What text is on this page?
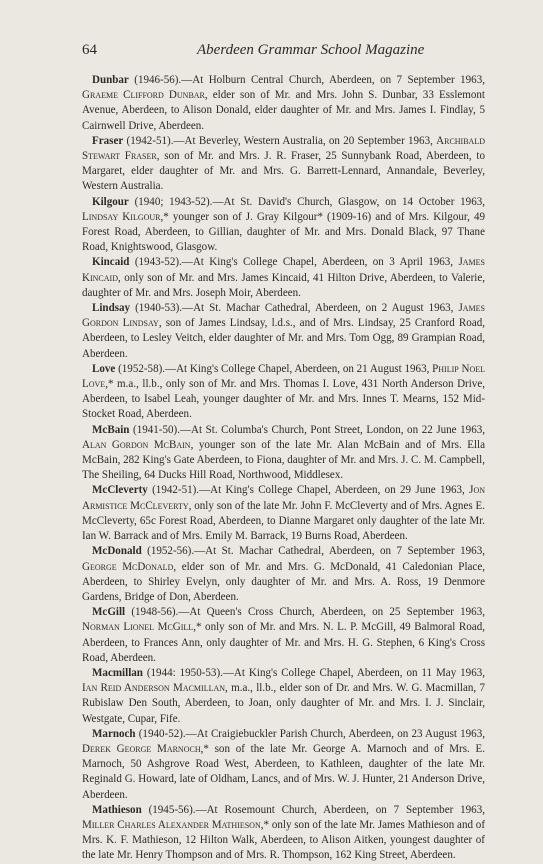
64	Aberdeen Grammar School Magazine

Dunbar (1946-56).—At Holburn Central Church, Aberdeen, on 7 September 1963, Graeme Clifford Dunbar, elder son of Mr. and Mrs. John S. Dunbar, 33 Esslemont Avenue, Aberdeen, to Alison Donald, elder daughter of Mr. and Mrs. James I. Findlay, 5 Cairnwell Drive, Aberdeen.

Fraser (1942-51).—At Beverley, Western Australia, on 20 September 1963, Archibald Stewart Fraser, son of Mr. and Mrs. J. R. Fraser, 25 Sunnybank Road, Aberdeen, to Margaret, elder daughter of Mr. and Mrs. G. Barrett-Lennard, Annandale, Beverley, Western Australia.

Kilgour (1940; 1943-52).—At St. David's Church, Glasgow, on 14 October 1963, Lindsay Kilgour,* younger son of J. Gray Kilgour* (1909-16) and of Mrs. Kilgour, 49 Forest Road, Aberdeen, to Gillian, daughter of Mr. and Mrs. Donald Black, 97 Thane Road, Knightswood, Glasgow.

Kincaid (1943-52).—At King's College Chapel, Aberdeen, on 3 April 1963, James Kincaid, only son of Mr. and Mrs. James Kincaid, 41 Hilton Drive, Aberdeen, to Valerie, daughter of Mr. and Mrs. Joseph Moir, Aberdeen.

Lindsay (1940-53).—At St. Machar Cathedral, Aberdeen, on 2 August 1963, James Gordon Lindsay, son of James Lindsay, l.d.s., and of Mrs. Lindsay, 25 Cranford Road, Aberdeen, to Lesley Veitch, elder daughter of Mr. and Mrs. Tom Ogg, 89 Grampian Road, Aberdeen.

Love (1952-58).—At King's College Chapel, Aberdeen, on 21 August 1963, Philip Noel Love,* m.a., ll.b., only son of Mr. and Mrs. Thomas I. Love, 431 North Anderson Drive, Aberdeen, to Isabel Leah, younger daughter of Mr. and Mrs. Innes T. Mearns, 152 Mid-Stocket Road, Aberdeen.

McBain (1941-50).—At St. Columba's Church, Pont Street, London, on 22 June 1963, Alan Gordon McBain, younger son of the late Mr. Alan McBain and of Mrs. Ella McBain, 282 King's Gate Aberdeen, to Fiona, daughter of Mr. and Mrs. J. C. M. Campbell, The Sheiling, 64 Ducks Hill Road, Northwood, Middlesex.

McCleverty (1942-51).—At King's College Chapel, Aberdeen, on 29 June 1963, Jon Armistice McCleverty, only son of the late Mr. John F. McCleverty and of Mrs. Agnes E. McCleverty, 65c Forest Road, Aberdeen, to Dianne Margaret only daughter of the late Mr. Ian W. Barrack and of Mrs. Emily M. Barrack, 19 Burns Road, Aberdeen.

McDonald (1952-56).—At St. Machar Cathedral, Aberdeen, on 7 September 1963, George McDonald, elder son of Mr. and Mrs. G. McDonald, 41 Caledonian Place, Aberdeen, to Shirley Evelyn, only daughter of Mr. and Mrs. A. Ross, 19 Denmore Gardens, Bridge of Don, Aberdeen.

McGill (1948-56).—At Queen's Cross Church, Aberdeen, on 25 September 1963, Norman Lionel McGill,* only son of Mr. and Mrs. N. L. P. McGill, 49 Balmoral Road, Aberdeen, to Frances Ann, only daughter of Mr. and Mrs. H. G. Stephen, 6 King's Cross Road, Aberdeen.

Macmillan (1944: 1950-53).—At King's College Chapel, Aberdeen, on 11 May 1963, Ian Reid Anderson Macmillan, m.a., ll.b., elder son of Dr. and Mrs. W. G. Macmillan, 7 Rubislaw Den South, Aberdeen, to Joan, only daughter of Mr. and Mrs. I. J. Sinclair, Westgate, Cupar, Fife.

Marnoch (1940-52).—At Craigiebuckler Parish Church, Aberdeen, on 23 August 1963, Derek George Marnoch,* son of the late Mr. George A. Marnoch and of Mrs. E. Marnoch, 50 Ashgrove Road West, Aberdeen, to Kathleen, daughter of the late Mr. Reginald G. Howard, late of Oldham, Lancs, and of Mrs. W. J. Hunter, 21 Anderson Drive, Aberdeen.

Mathieson (1945-56).—At Rosemount Church, Aberdeen, on 7 September 1963, Miller Charles Alexander Mathieson,* only son of the late Mr. James Mathieson and of Mrs. K. F. Mathieson, 12 Hilton Walk, Aberdeen, to Alison Aitken, youngest daughter of the late Mr. Henry Thompson and of Mrs. R. Thompson, 162 King Street, Aberdeen.
